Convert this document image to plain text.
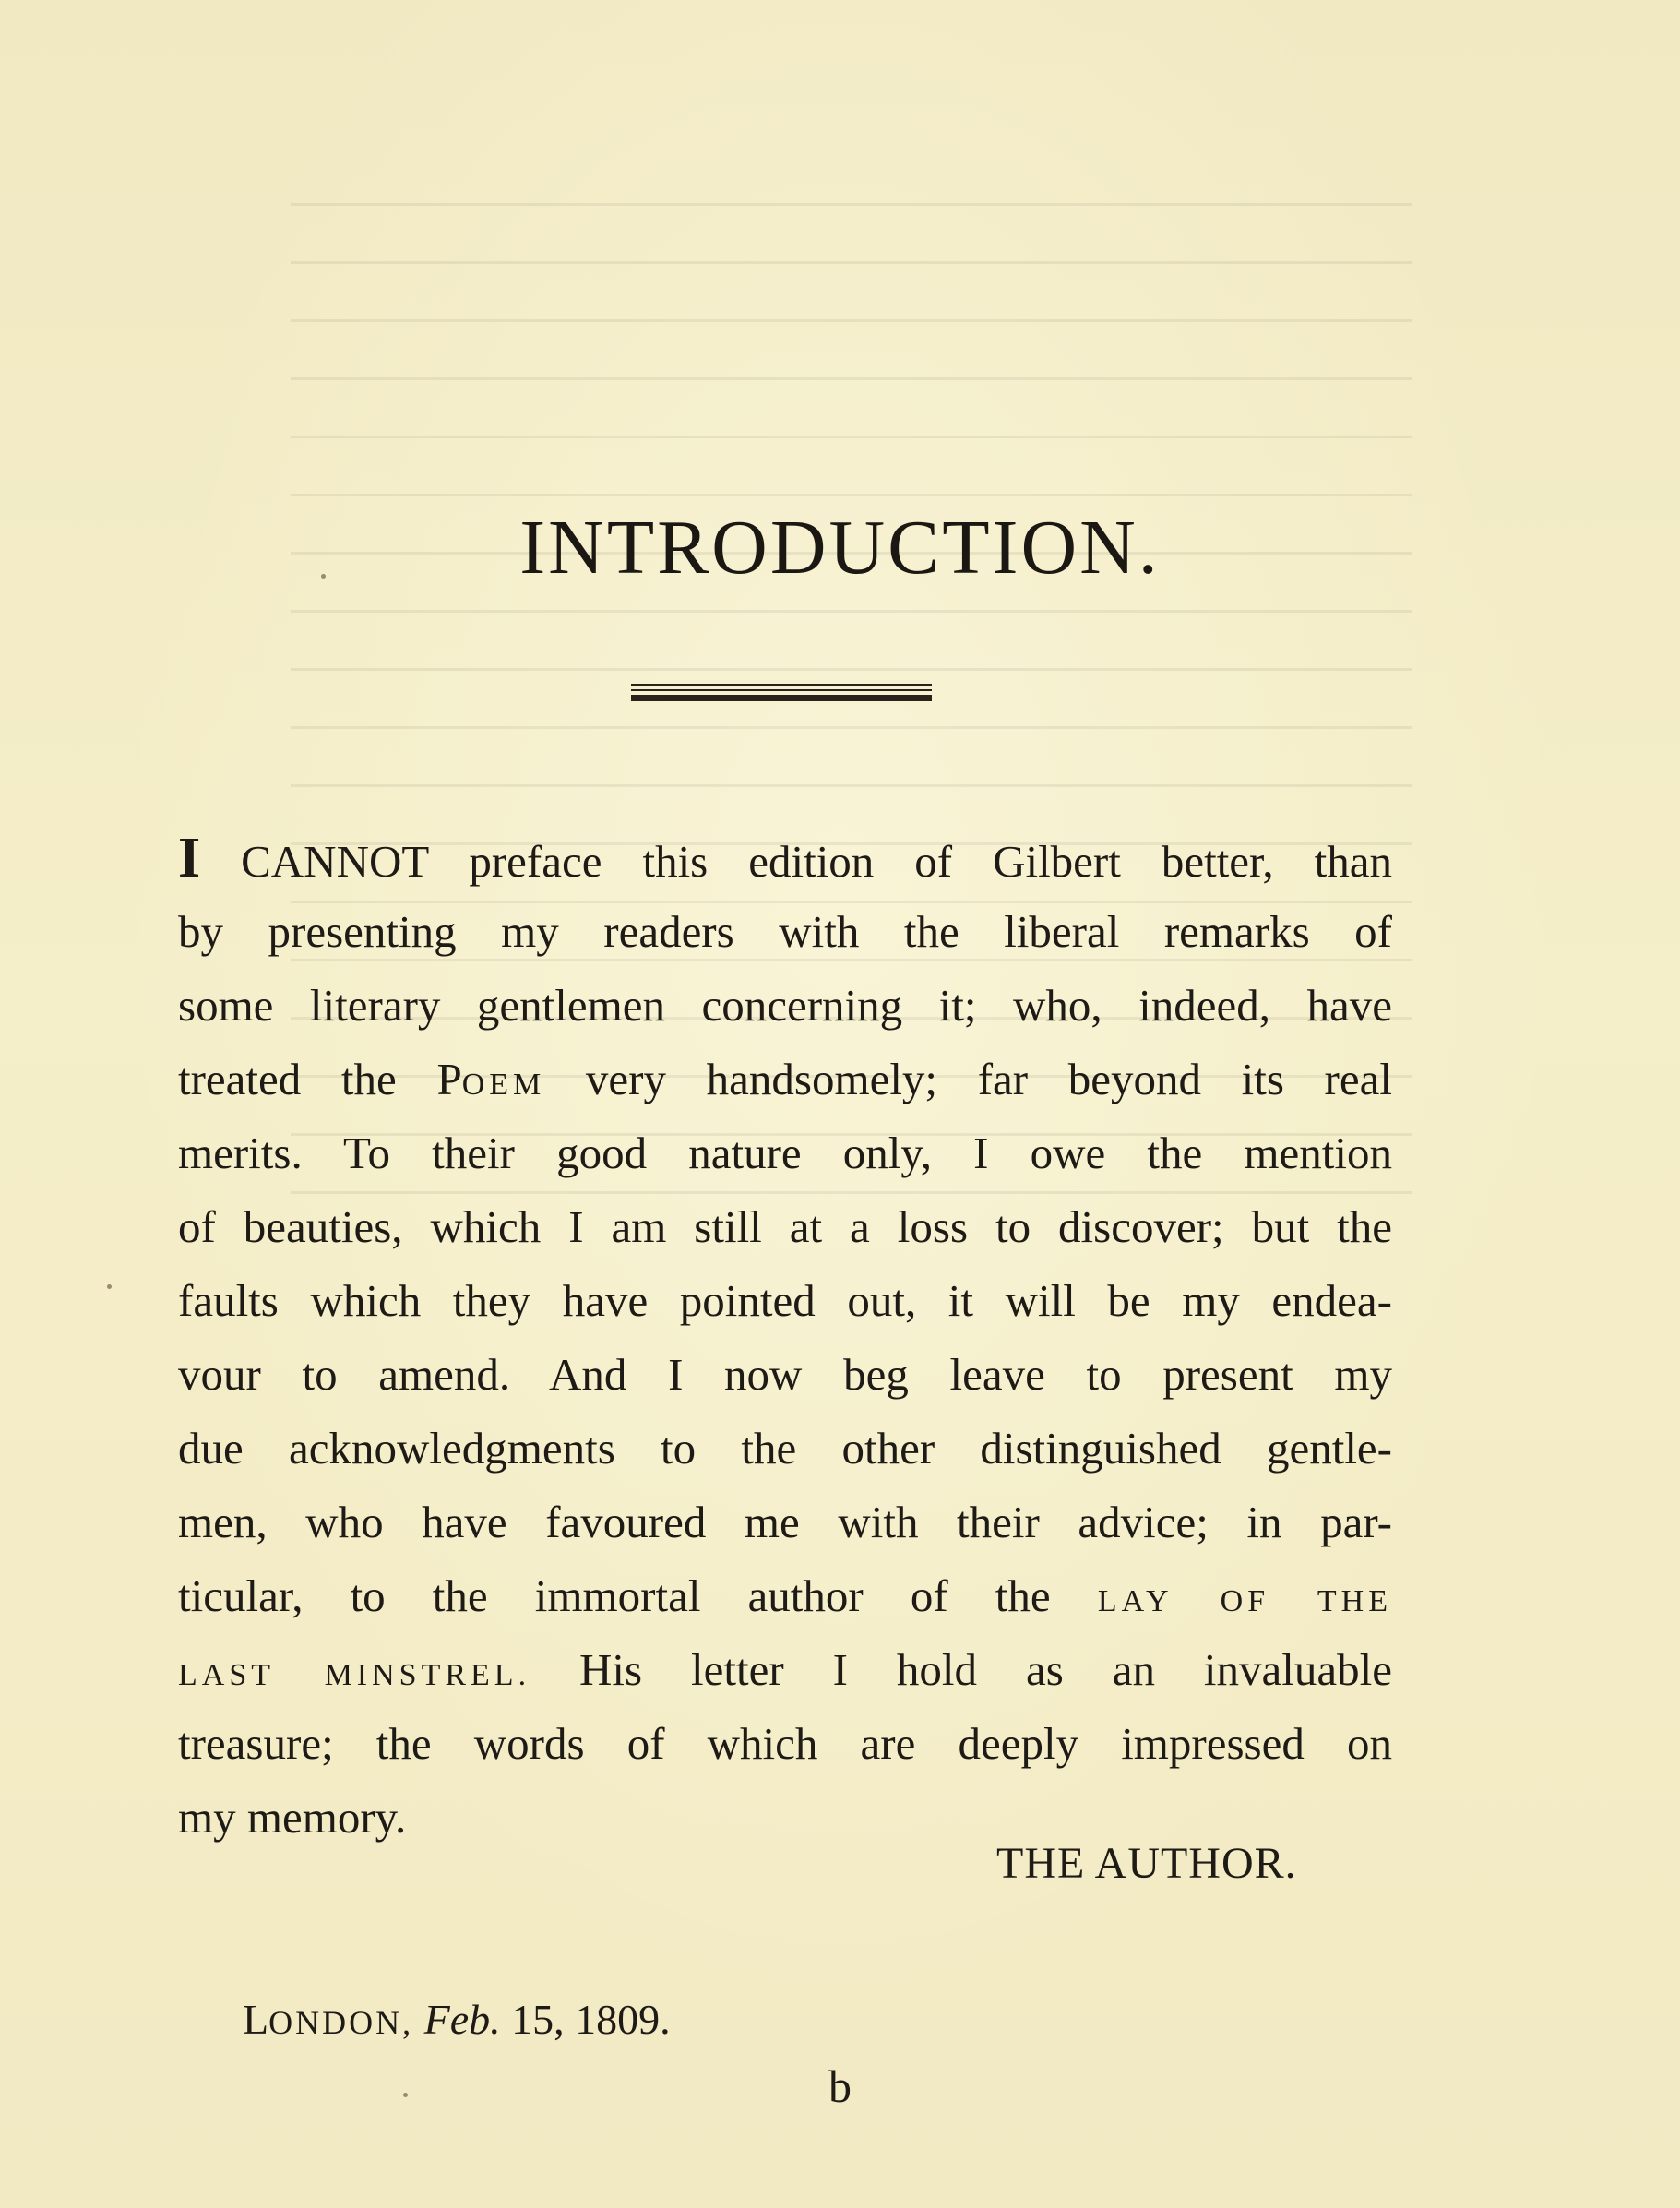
INTRODUCTION.
I CANNOT preface this edition of Gilbert better, than
by presenting my readers with the liberal remarks of
some literary gentlemen concerning it; who, indeed, have
treated the POEM very handsomely; far beyond its real
merits. To their good nature only, I owe the mention
of beauties, which I am still at a loss to discover; but the
faults which they have pointed out, it will be my endea-
vour to amend. And I now beg leave to present my
due acknowledgments to the other distinguished gentle-
men, who have favoured me with their advice; in par-
ticular, to the immortal author of the LAY OF THE
LAST MINSTREL. His letter I hold as an invaluable
treasure; the words of which are deeply impressed on
my memory.
THE AUTHOR.
LONDON, Feb. 15, 1809.
b
